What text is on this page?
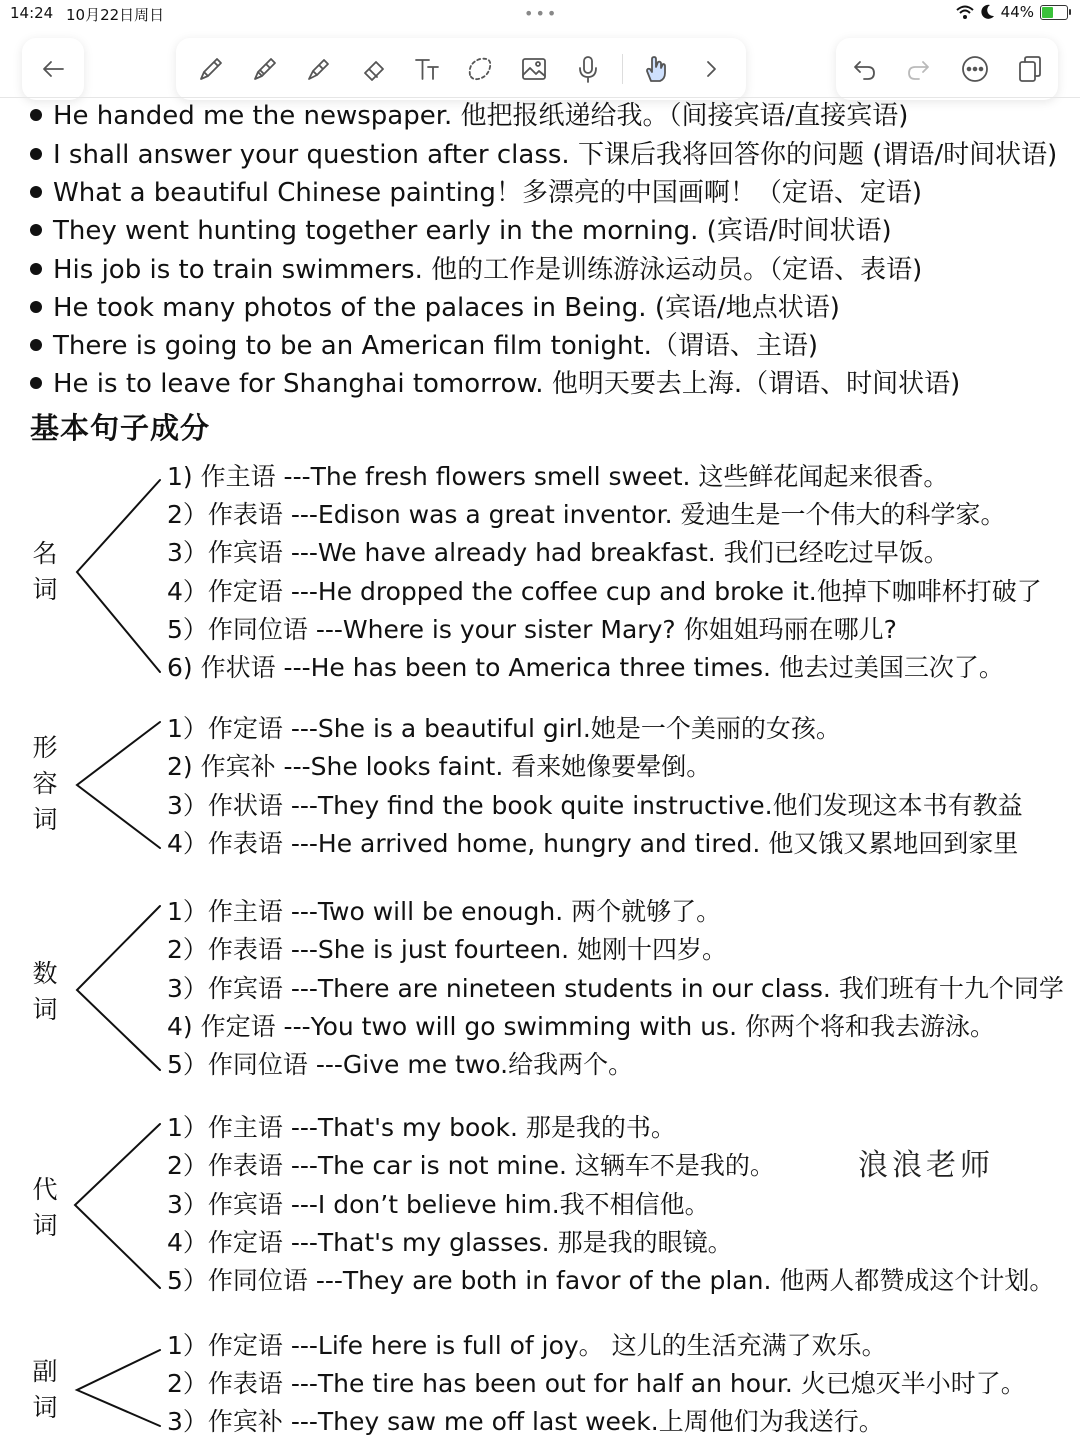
14:24 10月22日周日	•••	44%
He handed me the newspaper. 他把报纸递给我。（间接宾语/直接宾语)
I shall answer your question after class. 下课后我将回答你的问题 (谓语/时间状语)
What a beautiful Chinese painting！多漂亮的中国画啊！（定语、定语)
They went hunting together early in the morning. (宾语/时间状语)
His job is to train swimmers. 他的工作是训练游泳运动员。（定语、表语)
He took many photos of the palaces in Being. (宾语/地点状语)
There is going to be an American film tonight.（谓语、主语)
He is to leave for Shanghai tomorrow. 他明天要去上海.（谓语、时间状语)
基本句子成分
名
词
1) 作主语 ---The fresh flowers smell sweet. 这些鲜花闻起来很香。
2）作表语 ---Edison was a great inventor. 爱迪生是一个伟大的科学家。
3）作宾语 ---We have already had breakfast. 我们已经吃过早饭。
4）作定语 ---He dropped the coffee cup and broke it.他掉下咖啡杯打破了
5）作同位语 ---Where is your sister Mary? 你姐姐玛丽在哪儿?
6) 作状语 ---He has been to America three times. 他去过美国三次了。
形
容
词
1）作定语 ---She is a beautiful girl.她是一个美丽的女孩。
2) 作宾补 ---She looks faint. 看来她像要晕倒。
3）作状语 ---They find the book quite instructive.他们发现这本书有教益
4）作表语 ---He arrived home, hungry and tired. 他又饿又累地回到家里
数
词
1）作主语 ---Two will be enough. 两个就够了。
2）作表语 ---She is just fourteen. 她刚十四岁。
3）作宾语 ---There are nineteen students in our class. 我们班有十九个同学
4) 作定语 ---You two will go swimming with us. 你两个将和我去游泳。
5）作同位语 ---Give me two.给我两个。
代
词
1）作主语 ---That's my book. 那是我的书。
2）作表语 ---The car is not mine. 这辆车不是我的。
3）作宾语 ---I don’t believe him.我不相信他。
4）作定语 ---That's my glasses. 那是我的眼镜。
5）作同位语 ---They are both in favor of the plan. 他两人都赞成这个计划。
副
词
1）作定语 ---Life here is full of joy。 这儿的生活充满了欢乐。
2）作表语 ---The tire has been out for half an hour. 火已熄灭半小时了。
3）作宾补 ---They saw me off last week.上周他们为我送行。
浪浪老师
